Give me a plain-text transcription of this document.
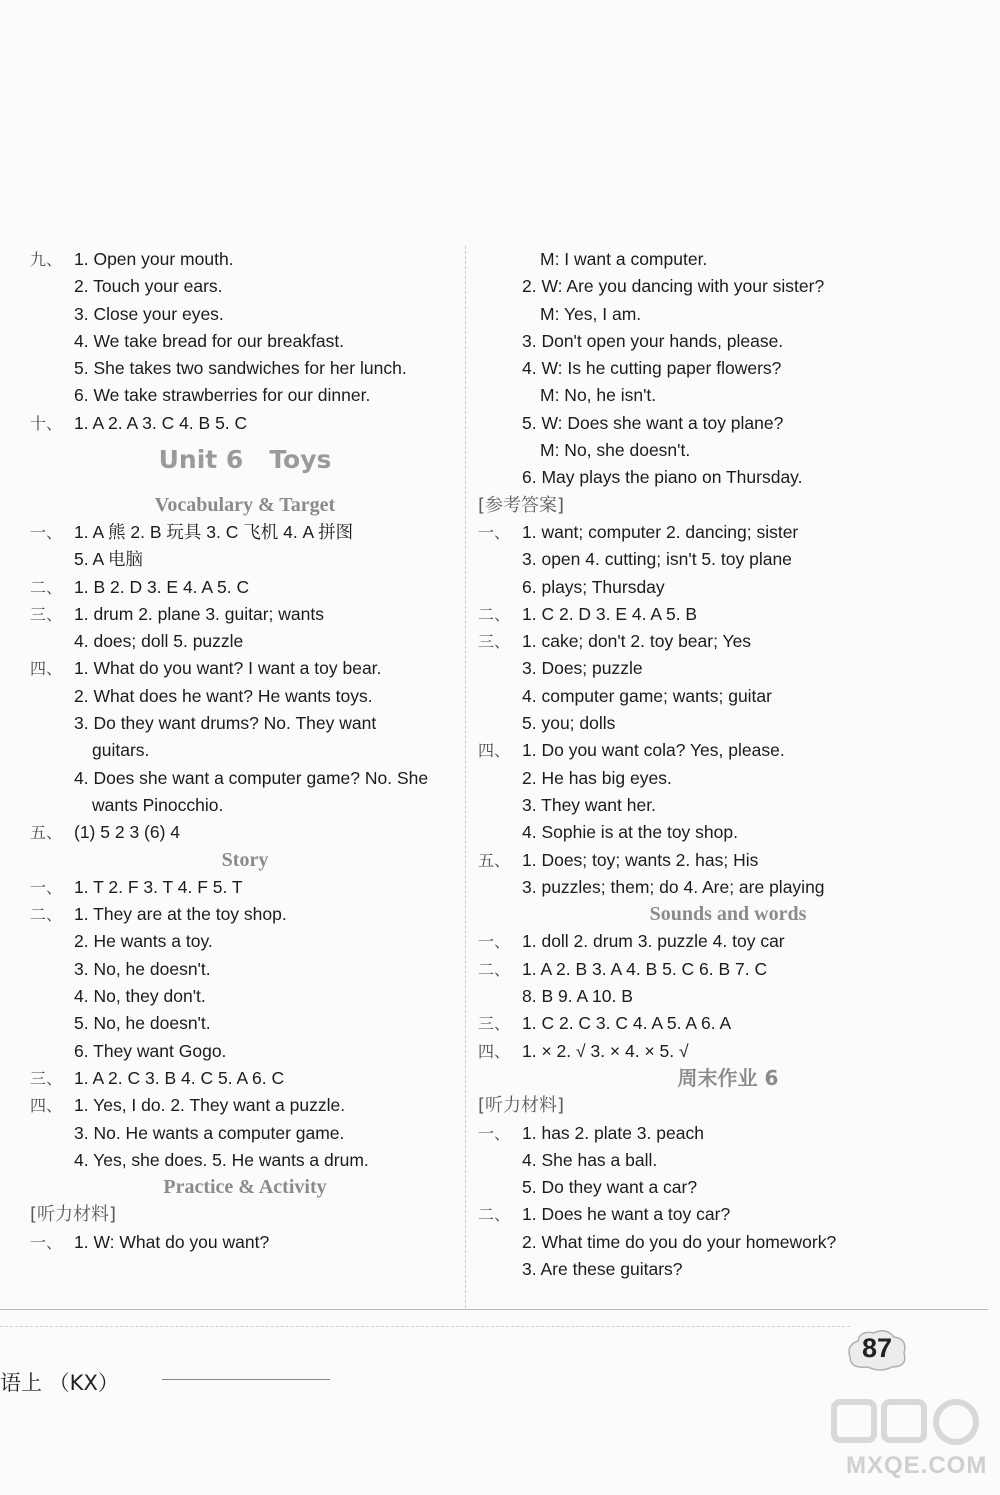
九、 1. Open your mouth.
2. Touch your ears.
3. Close your eyes.
4. We take bread for our breakfast.
5. She takes two sandwiches for her lunch.
6. We take strawberries for our dinner.
十、 1. A 2. A 3. C 4. B 5. C
Unit 6 Toys
Vocabulary & Target
一、 1. A 熊 2. B 玩具 3. C 飞机 4. A 拼图
5. A 电脑
二、 1. B 2. D 3. E 4. A 5. C
三、 1. drum 2. plane 3. guitar; wants
4. does; doll 5. puzzle
四、 1. What do you want? I want a toy bear.
2. What does he want? He wants toys.
3. Do they want drums? No. They want
guitars.
4. Does she want a computer game? No. She
wants Pinocchio.
五、 (1) 5 2 3 (6) 4
Story
一、 1. T 2. F 3. T 4. F 5. T
二、 1. They are at the toy shop.
2. He wants a toy.
3. No, he doesn't.
4. No, they don't.
5. No, he doesn't.
6. They want Gogo.
三、 1. A 2. C 3. B 4. C 5. A 6. C
四、 1. Yes, I do. 2. They want a puzzle.
3. No. He wants a computer game.
4. Yes, she does. 5. He wants a drum.
Practice & Activity
[听力材料]
一、 1. W: What do you want?
M: I want a computer.
2. W: Are you dancing with your sister?
M: Yes, I am.
3. Don't open your hands, please.
4. W: Is he cutting paper flowers?
M: No, he isn't.
5. W: Does she want a toy plane?
M: No, she doesn't.
6. May plays the piano on Thursday.
[参考答案]
一、 1. want; computer 2. dancing; sister
3. open 4. cutting; isn't 5. toy plane
6. plays; Thursday
二、 1. C 2. D 3. E 4. A 5. B
三、 1. cake; don't 2. toy bear; Yes
3. Does; puzzle
4. computer game; wants; guitar
5. you; dolls
四、 1. Do you want cola? Yes, please.
2. He has big eyes.
3. They want her.
4. Sophie is at the toy shop.
五、 1. Does; toy; wants 2. has; His
3. puzzles; them; do 4. Are; are playing
Sounds and words
一、 1. doll 2. drum 3. puzzle 4. toy car
二、 1. A 2. B 3. A 4. B 5. C 6. B 7. C
8. B 9. A 10. B
三、 1. C 2. C 3. C 4. A 5. A 6. A
四、 1. × 2. √ 3. × 4. × 5. √
周末作业 6
[听力材料]
一、 1. has 2. plate 3. peach
4. She has a ball.
5. Do they want a car?
二、 1. Does he want a toy car?
2. What time do you do your homework?
3. Are these guitars?
语上 （KX）
87
MXQE.COM
